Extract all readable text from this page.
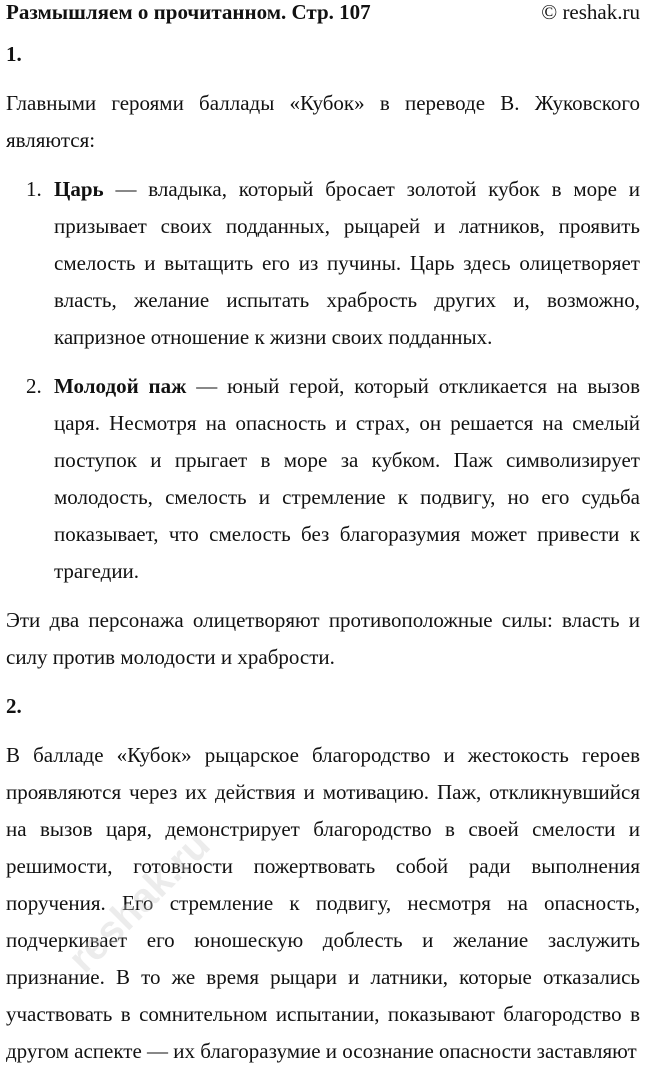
Размышляем о прочитанном. Стр. 107	© reshak.ru
1.

Главными героями баллады «Кубок» в переводе В. Жуковского являются:

1. Царь — владыка, который бросает золотой кубок в море и призывает своих подданных, рыцарей и латников, проявить смелость и вытащить его из пучины. Царь здесь олицетворяет власть, желание испытать храбрость других и, возможно, капризное отношение к жизни своих подданных.
2. Молодой паж — юный герой, который откликается на вызов царя. Несмотря на опасность и страх, он решается на смелый поступок и прыгает в море за кубком. Паж символизирует молодость, смелость и стремление к подвигу, но его судьба показывает, что смелость без благоразумия может привести к трагедии.

Эти два персонажа олицетворяют противоположные силы: власть и силу против молодости и храбрости.

2.

В балладе «Кубок» рыцарское благородство и жестокость героев проявляются через их действия и мотивацию. Паж, откликнувшийся на вызов царя, демонстрирует благородство в своей смелости и решимости, готовности пожертвовать собой ради выполнения поручения. Его стремление к подвигу, несмотря на опасность, подчеркивает его юношескую доблесть и желание заслужить признание. В то же время рыцари и латники, которые отказались участвовать в сомнительном испытании, показывают благородство в другом аспекте — их благоразумие и осознание опасности заставляют

reshak.ru
